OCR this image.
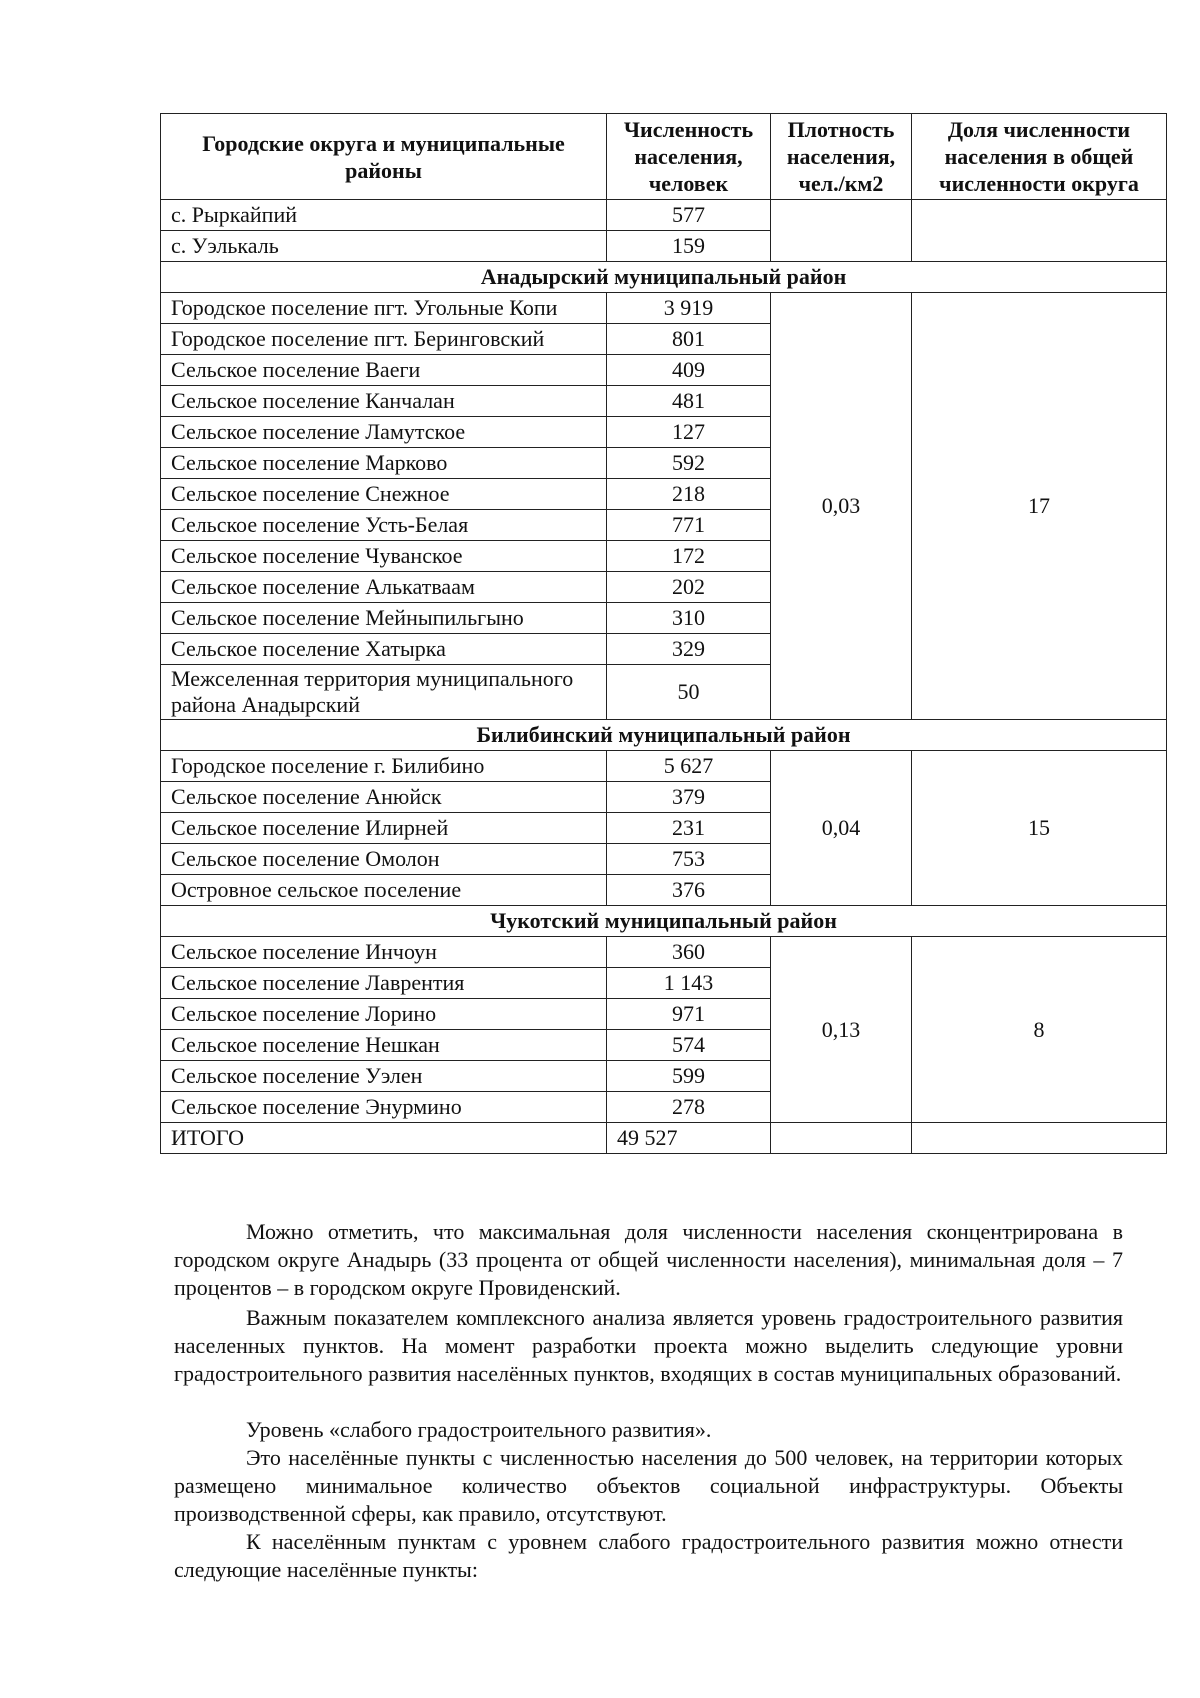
Городские округа и муниципальные районы	Численность населения, человек	Плотность населения, чел./км2	Доля численности населения в общей численности округа
с. Рыркайпий	577		
с. Уэлькаль	159		
Анадырский муниципальный район			
Городское поселение пгт. Угольные Копи	3 919	0,03	17
Городское поселение пгт. Беринговский	801		
Сельское поселение Ваеги	409		
Сельское поселение Канчалан	481		
Сельское поселение Ламутское	127		
Сельское поселение Марково	592		
Сельское поселение Снежное	218		
Сельское поселение Усть-Белая	771		
Сельское поселение Чуванское	172		
Сельское поселение Алькатваам	202		
Сельское поселение Мейныпильгыно	310		
Сельское поселение Хатырка	329		
Межселенная территория муниципального района Анадырский	50		
Билибинский муниципальный район			
Городское поселение г. Билибино	5 627	0,04	15
Сельское поселение Анюйск	379		
Сельское поселение Илирней	231		
Сельское поселение Омолон	753		
Островное сельское поселение	376		
Чукотский муниципальный район			
Сельское поселение Инчоун	360	0,13	8
Сельское поселение Лаврентия	1 143		
Сельское поселение Лорино	971		
Сельское поселение Нешкан	574		
Сельское поселение Уэлен	599		
Сельское поселение Энурмино	278		
ИТОГО	49 527		

Можно отметить, что максимальная доля численности населения сконцентрирована в городском округе Анадырь (33 процента от общей численности населения), минимальная доля – 7 процентов – в городском округе Провиденский.

Важным показателем комплексного анализа является уровень градостроительного развития населенных пунктов. На момент разработки проекта можно выделить следующие уровни градостроительного развития населённых пунктов, входящих в состав муниципальных образований.

Уровень «слабого градостроительного развития».

Это населённые пункты с численностью населения до 500 человек, на территории которых размещено минимальное количество объектов социальной инфраструктуры. Объекты производственной сферы, как правило, отсутствуют.

К населённым пунктам с уровнем слабого градостроительного развития можно отнести следующие населённые пункты:
